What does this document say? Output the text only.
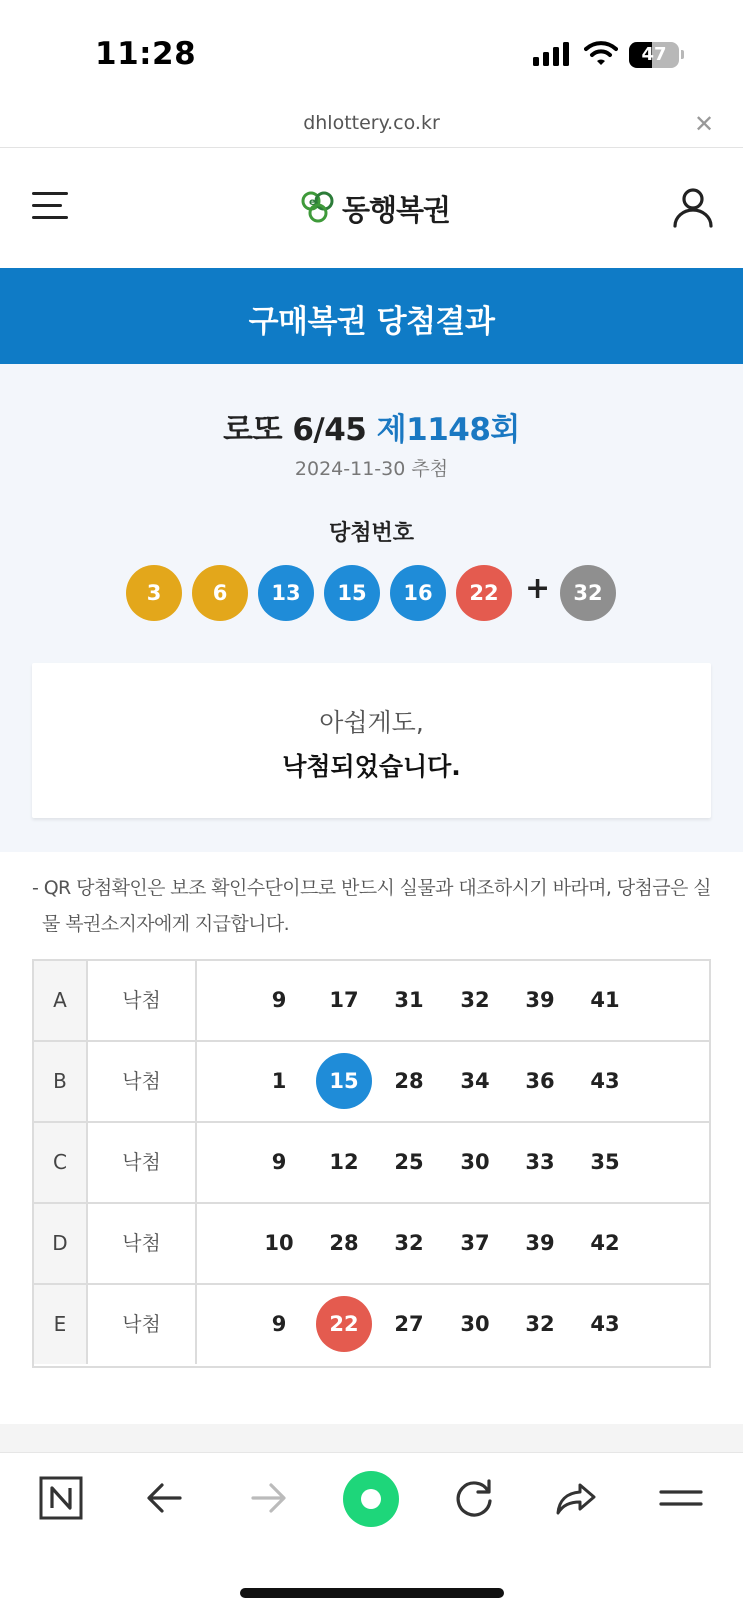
11:28	47
dhlottery.co.kr	✕
e 동행복권
구매복권 당첨결과
로또 6/45 제1148회
2024-11-30 추첨
당첨번호
3	6	13	15	16	22 +	32
아쉽게도,
낙첨되었습니다.
- QR 당첨확인은 보조 확인수단이므로 반드시 실물과 대조하시기 바라며, 당첨금은 실
물 복권소지자에게 지급합니다.
A	낙첨	9	17	31	32	39	41
B	낙첨	1	15	28	34	36	43
C	낙첨	9	12	25	30	33	35
D	낙첨	10	28	32	37	39	42
E	낙첨	9	22	27	30	32	43
